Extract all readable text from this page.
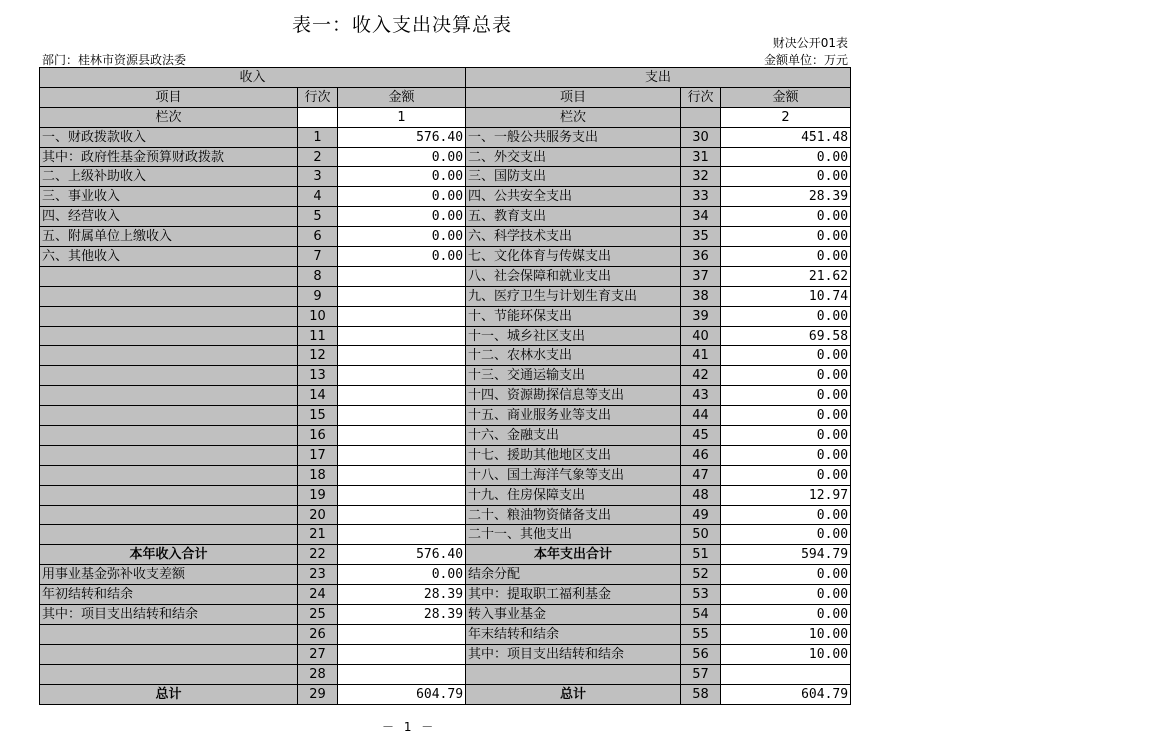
表一：收入支出决算总表
财决公开01表
部门：桂林市资源县政法委	金额单位：万元
收入			支出		
项目	行次	金额	项目	行次	金额
栏次		1	栏次		2
一、财政拨款收入	1	576.40	一、一般公共服务支出	30	451.48
其中：政府性基金预算财政拨款	2	0.00	二、外交支出	31	0.00
二、上级补助收入	3	0.00	三、国防支出	32	0.00
三、事业收入	4	0.00	四、公共安全支出	33	28.39
四、经营收入	5	0.00	五、教育支出	34	0.00
五、附属单位上缴收入	6	0.00	六、科学技术支出	35	0.00
六、其他收入	7	0.00	七、文化体育与传媒支出	36	0.00
	8		八、社会保障和就业支出	37	21.62
	9		九、医疗卫生与计划生育支出	38	10.74
	10		十、节能环保支出	39	0.00
	11		十一、城乡社区支出	40	69.58
	12		十二、农林水支出	41	0.00
	13		十三、交通运输支出	42	0.00
	14		十四、资源勘探信息等支出	43	0.00
	15		十五、商业服务业等支出	44	0.00
	16		十六、金融支出	45	0.00
	17		十七、援助其他地区支出	46	0.00
	18		十八、国土海洋气象等支出	47	0.00
	19		十九、住房保障支出	48	12.97
	20		二十、粮油物资储备支出	49	0.00
	21		二十一、其他支出	50	0.00
本年收入合计	22	576.40	本年支出合计	51	594.79
用事业基金弥补收支差额	23	0.00	结余分配	52	0.00
年初结转和结余	24	28.39	其中：提取职工福利基金	53	0.00
其中：项目支出结转和结余	25	28.39	转入事业基金	54	0.00
	26		年末结转和结余	55	10.00
	27		其中：项目支出结转和结余	56	10.00
	28			57	
总计	29	604.79	总计	58	604.79
－ 1 －
